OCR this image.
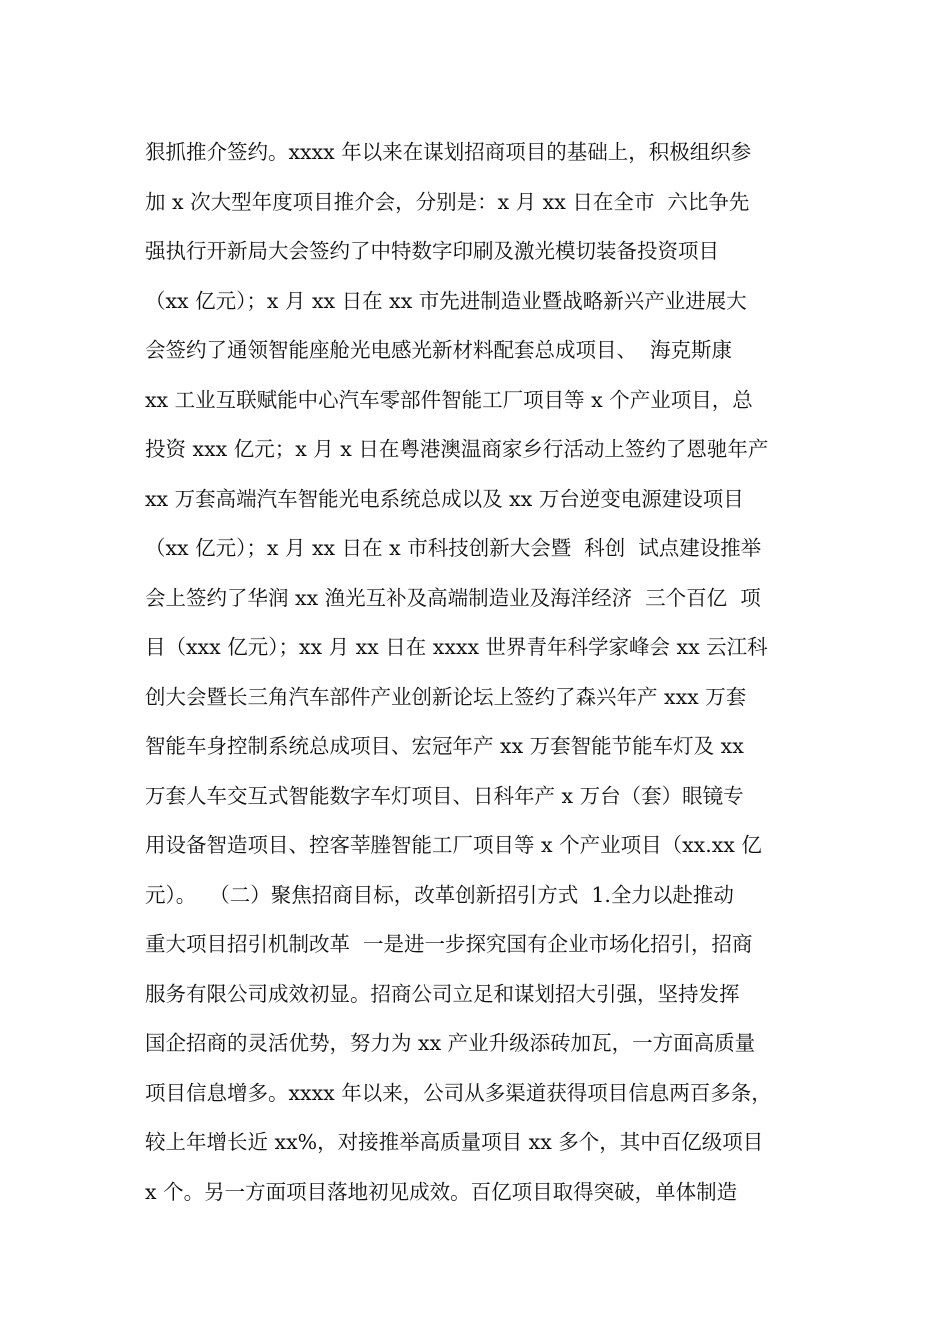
狠抓推介签约。xxxx 年以来在谋划招商项目的基础上，积极组织参
加 x 次大型年度项目推介会，分别是：x 月 xx 日在全市  六比争先
强执行开新局大会签约了中特数字印刷及激光模切装备投资项目
（xx 亿元）；x 月 xx 日在 xx 市先进制造业暨战略新兴产业进展大
会签约了通领智能座舱光电感光新材料配套总成项目、  海克斯康
xx 工业互联赋能中心汽车零部件智能工厂项目等 x 个产业项目，总
投资 xxx 亿元；x 月 x 日在粤港澳温商家乡行活动上签约了恩驰年产
xx 万套高端汽车智能光电系统总成以及 xx 万台逆变电源建设项目
（xx 亿元）；x 月 xx 日在 x 市科技创新大会暨  科创  试点建设推举
会上签约了华润 xx 渔光互补及高端制造业及海洋经济  三个百亿  项
目（xxx 亿元）；xx 月 xx 日在 xxxx 世界青年科学家峰会 xx 云江科
创大会暨长三角汽车部件产业创新论坛上签约了森兴年产 xxx 万套
智能车身控制系统总成项目、宏冠年产 xx 万套智能节能车灯及 xx
万套人车交互式智能数字车灯项目、日科年产 x 万台（套）眼镜专
用设备智造项目、控客莘塍智能工厂项目等 x 个产业项目（xx.xx 亿
元）。  （二）聚焦招商目标，改革创新招引方式  1.全力以赴推动
重大项目招引机制改革  一是进一步探究国有企业市场化招引，招商
服务有限公司成效初显。招商公司立足和谋划招大引强，坚持发挥
国企招商的灵活优势，努力为 xx 产业升级添砖加瓦，一方面高质量
项目信息增多。xxxx 年以来，公司从多渠道获得项目信息两百多条，
较上年增长近 xx%，对接推举高质量项目 xx 多个，其中百亿级项目
x 个。另一方面项目落地初见成效。百亿项目取得突破，单体制造
